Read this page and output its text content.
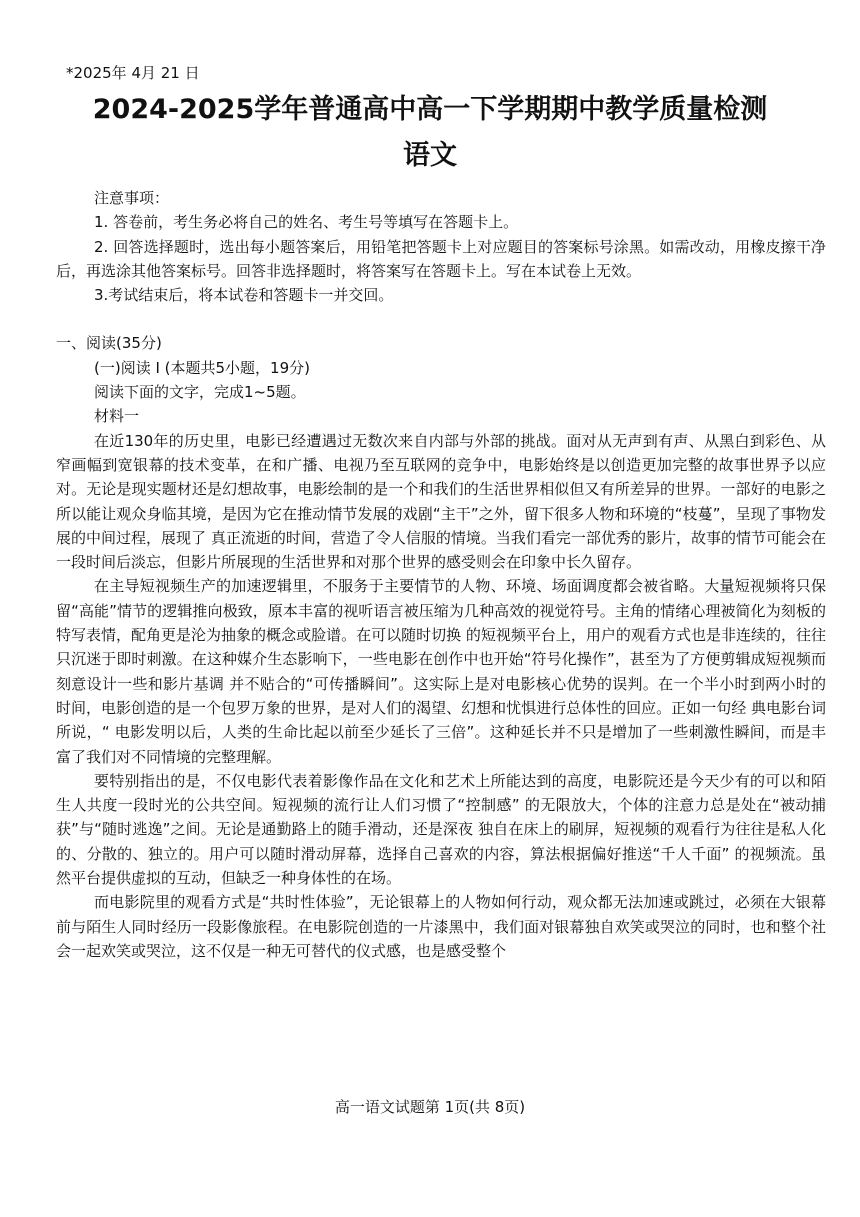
*2025年 4月 21 日
2024-2025学年普通高中高一下学期期中教学质量检测
语文

注意事项：

1. 答卷前，考生务必将自己的姓名、考生号等填写在答题卡上。

2. 回答选择题时，选出每小题答案后，用铅笔把答题卡上对应题目的答案标号涂黑。如需改动，用橡皮擦干净后，再选涂其他答案标号。回答非选择题时，将答案写在答题卡上。写在本试卷上无效。

3.考试结束后，将本试卷和答题卡一并交回。

一、阅读(35分)

(一)阅读 I (本题共5小题，19分)

阅读下面的文字，完成1~5题。

材料一

在近130年的历史里，电影已经遭遇过无数次来自内部与外部的挑战。面对从无声到有声、从黑白到彩色、从窄画幅到宽银幕的技术变革，在和广播、电视乃至互联网的竞争中，电影始终是以创造更加完整的故事世界予以应对。无论是现实题材还是幻想故事，电影绘制的是一个和我们的生活世界相似但又有所差异的世界。一部好的电影之所以能让观众身临其境，是因为它在推动情节发展的戏剧“主干”之外，留下很多人物和环境的“枝蔓”，呈现了事物发展的中间过程，展现了 真正流逝的时间，营造了令人信服的情境。当我们看完一部优秀的影片，故事的情节可能会在一段时间后淡忘，但影片所展现的生活世界和对那个世界的感受则会在印象中长久留存。

在主导短视频生产的加速逻辑里，不服务于主要情节的人物、环境、场面调度都会被省略。大量短视频将只保留“高能”情节的逻辑推向极致，原本丰富的视听语言被压缩为几种高效的视觉符号。主角的情绪心理被简化为刻板的特写表情，配角更是沦为抽象的概念或脸谱。在可以随时切换 的短视频平台上，用户的观看方式也是非连续的，往往只沉迷于即时刺激。在这种媒介生态影响下，一些电影在创作中也开始“符号化操作”，甚至为了方便剪辑成短视频而刻意设计一些和影片基调 并不贴合的“可传播瞬间”。这实际上是对电影核心优势的误判。在一个半小时到两小时的时间，电影创造的是一个包罗万象的世界，是对人们的渴望、幻想和忧惧进行总体性的回应。正如一句经 典电影台词所说，“ 电影发明以后，人类的生命比起以前至少延长了三倍”。这种延长并不只是增加了一些刺激性瞬间，而是丰富了我们对不同情境的完整理解。

要特别指出的是，不仅电影代表着影像作品在文化和艺术上所能达到的高度，电影院还是今天少有的可以和陌生人共度一段时光的公共空间。短视频的流行让人们习惯了“控制感” 的无限放大，个体的注意力总是处在“被动捕获”与“随时逃逸”之间。无论是通勤路上的随手滑动，还是深夜 独自在床上的刷屏，短视频的观看行为往往是私人化的、分散的、独立的。用户可以随时滑动屏幕，选择自己喜欢的内容，算法根据偏好推送“千人千面” 的视频流。虽然平台提供虚拟的互动，但缺乏一种身体性的在场。

而电影院里的观看方式是“共时性体验”，无论银幕上的人物如何行动，观众都无法加速或跳过，必须在大银幕前与陌生人同时经历一段影像旅程。在电影院创造的一片漆黑中，我们面对银幕独自欢笑或哭泣的同时，也和整个社会一起欢笑或哭泣，这不仅是一种无可替代的仪式感，也是感受整个

高一语文试题第 1页(共 8页)
